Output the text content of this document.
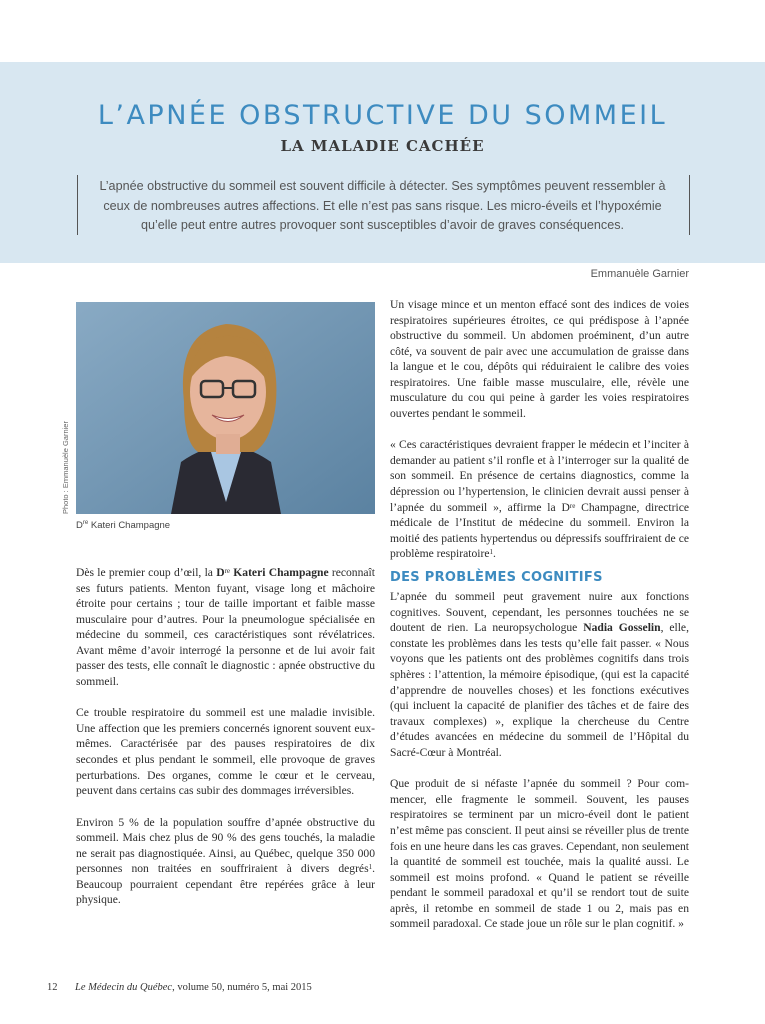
L’APNÉE OBSTRUCTIVE DU SOMMEIL
LA MALADIE CACHÉE

L’apnée obstructive du sommeil est souvent difficile à détecter. Ses symptômes peuvent ressembler à ceux de nombreuses autres affections. Et elle n’est pas sans risque. Les micro-éveils et l’hypoxémie qu’elle peut entre autres provoquer sont susceptibles d’avoir de graves conséquences.

Emmanuèle Garnier
Photo : Emmanuèle Garnier
Dre Kateri Champagne

Dès le premier coup d’œil, la Dre Kateri Champagne reconnaît ses futurs patients. Menton fuyant, visage long et mâchoire étroite pour certains ; tour de taille important et faible masse musculaire pour d’autres. Pour la pneumologue spécialisée en médecine du sommeil, ces caractéristiques sont révélatrices. Avant même d’avoir interrogé la personne et de lui avoir fait passer des tests, elle connaît le diagnostic : apnée obstructive du sommeil.

Ce trouble respiratoire du sommeil est une maladie invisible. Une affection que les premiers concernés ignorent souvent eux-mêmes. Caractérisée par des pauses respiratoires de dix secondes et plus pendant le sommeil, elle provoque de graves perturbations. Des organes, comme le cœur et le cerveau, peuvent dans certains cas subir des dommages irréversibles.

Environ 5 % de la population souffre d’apnée obstructive du sommeil. Mais chez plus de 90 % des gens touchés, la maladie ne serait pas diagnostiquée. Ainsi, au Québec, quelque 350 000 personnes non traitées en souffriraient à divers degrés$^1$. Beaucoup pourraient cependant être repérées grâce à leur physique.

Un visage mince et un menton effacé sont des indices de voies respiratoires supérieures étroites, ce qui prédispose à l’apnée obstructive du sommeil. Un abdomen proéminent, d’un autre côté, va souvent de pair avec une accumulation de graisse dans la langue et le cou, dépôts qui réduiraient le calibre des voies respiratoires. Une faible masse musculaire, elle, révèle une musculature du cou qui peine à garder les voies respiratoires ouvertes pendant le sommeil.

« Ces caractéristiques devraient frapper le médecin et l’inciter à demander au patient s’il ronfle et à l’interroger sur la qualité de son sommeil. En présence de certains diagnostics, comme la dépression ou l’hypertension, le clinicien devrait aussi penser à l’apnée du sommeil », affirme la Dre Champagne, directrice médicale de l’Institut de médecine du sommeil. Environ la moitié des patients hypertendus ou dépressifs souffriraient de ce problème respiratoire$^1$.

DES PROBLÈMES COGNITIFS

L’apnée du sommeil peut gravement nuire aux fonctions cognitives. Souvent, cependant, les personnes touchées ne se doutent de rien. La neuropsychologue Nadia Gosselin, elle, constate les problèmes dans les tests qu’elle fait passer. « Nous voyons que les patients ont des problèmes cognitifs dans trois sphères : l’attention, la mémoire épisodique, (qui est la capacité d’apprendre de nouvelles choses) et les fonctions exécutives (qui incluent la capacité de planifier des tâches et de faire des travaux complexes) », explique la chercheuse du Centre d’études avancées en médecine du sommeil de l’Hôpital du Sacré-Cœur à Montréal.

Que produit de si néfaste l’apnée du sommeil ? Pour commencer, elle fragmente le sommeil. Souvent, les pauses respiratoires se terminent par un micro-éveil dont le patient n’est même pas conscient. Il peut ainsi se réveiller plus de trente fois en une heure dans les cas graves. Cependant, non seulement la quantité de sommeil est touchée, mais la qualité aussi. Le sommeil est moins profond. « Quand le patient se réveille pendant le sommeil paradoxal et qu’il se rendort tout de suite après, il retombe en sommeil de stade 1 ou 2, mais pas en sommeil paradoxal. Ce stade joue un rôle sur le plan cognitif. »

12 Le Médecin du Québec, volume 50, numéro 5, mai 2015
